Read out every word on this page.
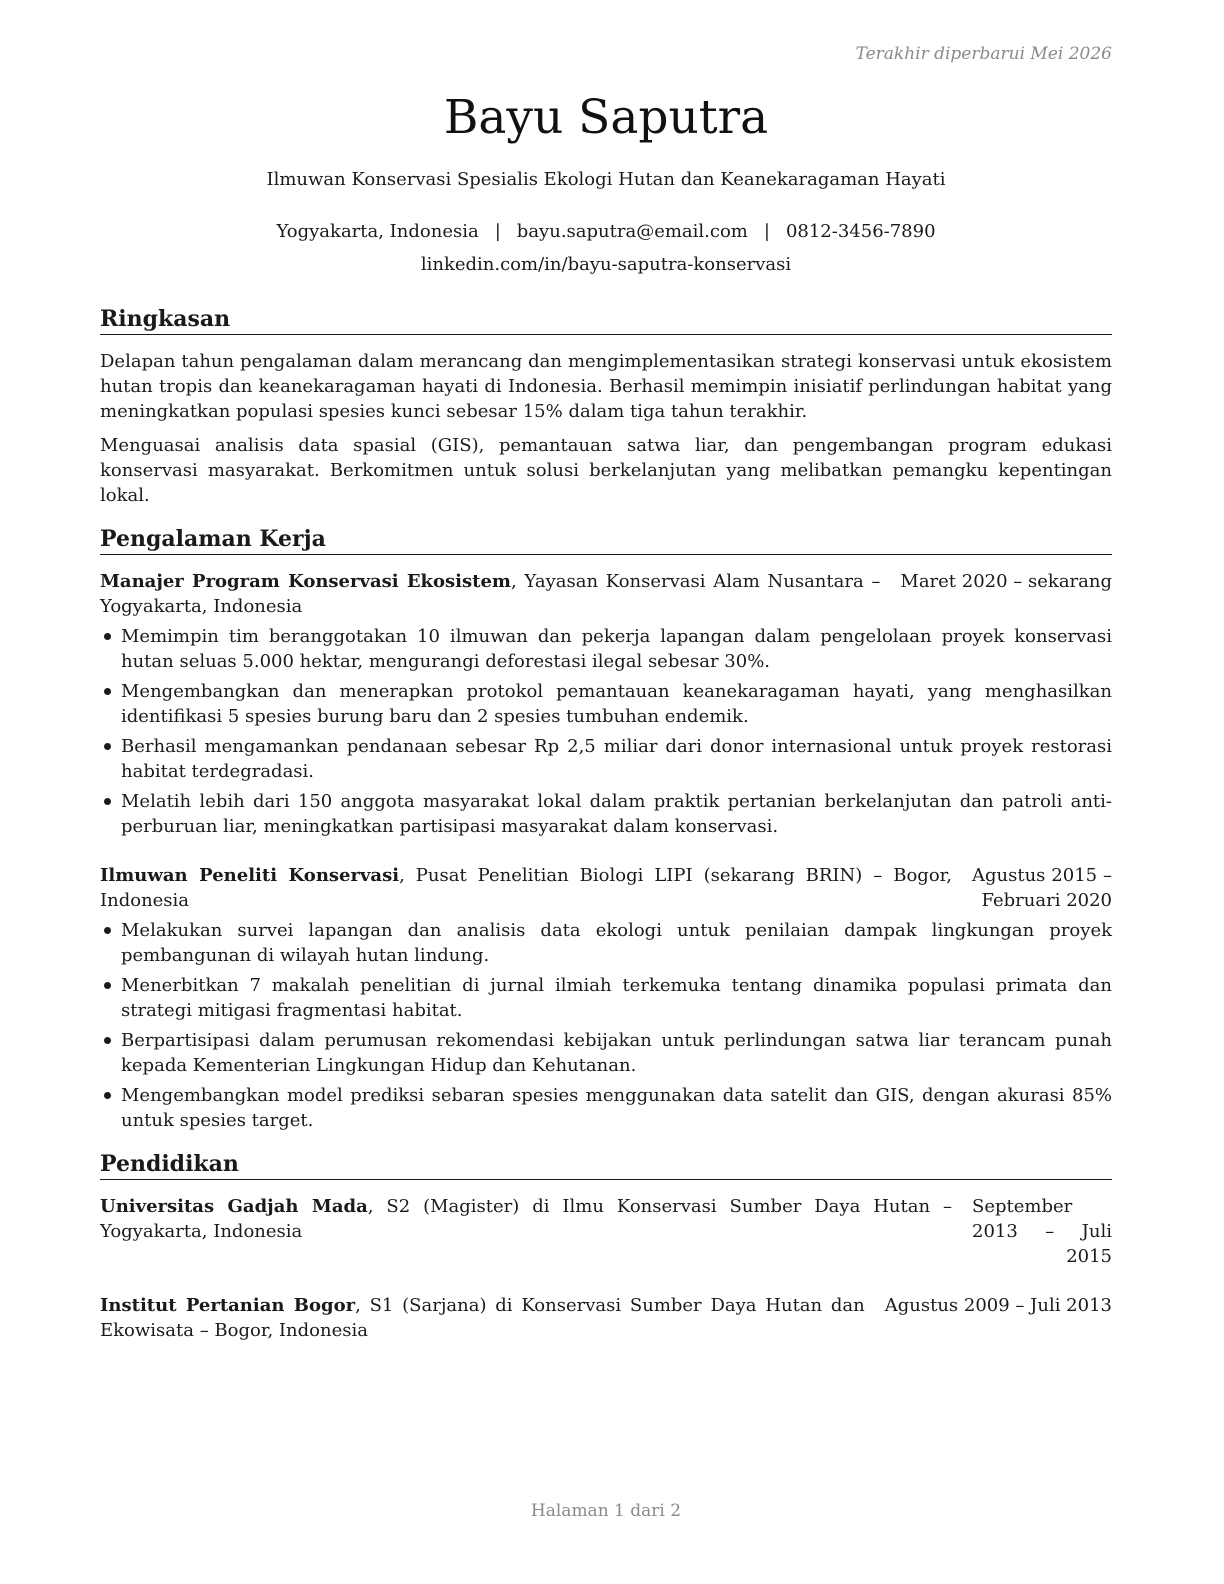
Terakhir diperbarui Mei 2026
Bayu Saputra
Ilmuwan Konservasi Spesialis Ekologi Hutan dan Keanekaragaman Hayati
Yogyakarta, Indonesia | bayu.saputra@email.com | 0812-3456-7890
linkedin.com/in/bayu-saputra-konservasi
Ringkasan

Delapan tahun pengalaman dalam merancang dan mengimplementasikan strategi konservasi untuk ekosistem hutan tropis dan keanekaragaman hayati di Indonesia. Berhasil memimpin inisiatif perlindungan habitat yang meningkatkan populasi spesies kunci sebesar 15% dalam tiga tahun terakhir.

Menguasai analisis data spasial (GIS), pemantauan satwa liar, dan pengembangan program edukasi konservasi masyarakat. Berkomitmen untuk solusi berkelanjutan yang melibatkan pemangku kepentingan lokal.

Pengalaman Kerja
Manajer Program Konservasi Ekosistem, Yayasan Konservasi Alam Nusantara – Yogyakarta, Indonesia
Maret 2020 – sekarang
Memimpin tim beranggotakan 10 ilmuwan dan pekerja lapangan dalam pengelolaan proyek konservasi hutan seluas 5.000 hektar, mengurangi deforestasi ilegal sebesar 30%.
Mengembangkan dan menerapkan protokol pemantauan keanekaragaman hayati, yang menghasilkan identifikasi 5 spesies burung baru dan 2 spesies tumbuhan endemik.
Berhasil mengamankan pendanaan sebesar Rp 2,5 miliar dari donor internasional untuk proyek restorasi habitat terdegradasi.
Melatih lebih dari 150 anggota masyarakat lokal dalam praktik pertanian berkelanjutan dan patroli anti-perburuan liar, meningkatkan partisipasi masyarakat dalam konservasi.
Ilmuwan Peneliti Konservasi, Pusat Penelitian Biologi LIPI (sekarang BRIN) – Bogor, Indonesia
Agustus 2015 – Februari 2020
Melakukan survei lapangan dan analisis data ekologi untuk penilaian dampak lingkungan proyek pembangunan di wilayah hutan lindung.
Menerbitkan 7 makalah penelitian di jurnal ilmiah terkemuka tentang dinamika populasi primata dan strategi mitigasi fragmentasi habitat.
Berpartisipasi dalam perumusan rekomendasi kebijakan untuk perlindungan satwa liar terancam punah kepada Kementerian Lingkungan Hidup dan Kehutanan.
Mengembangkan model prediksi sebaran spesies menggunakan data satelit dan GIS, dengan akurasi 85% untuk spesies target.
Pendidikan
Universitas Gadjah Mada, S2 (Magister) di Ilmu Konservasi Sumber Daya Hutan – Yogyakarta, Indonesia
September 2013 – Juli 2015
Institut Pertanian Bogor, S1 (Sarjana) di Konservasi Sumber Daya Hutan dan Ekowisata – Bogor, Indonesia
Agustus 2009 – Juli 2013
Halaman 1 dari 2
